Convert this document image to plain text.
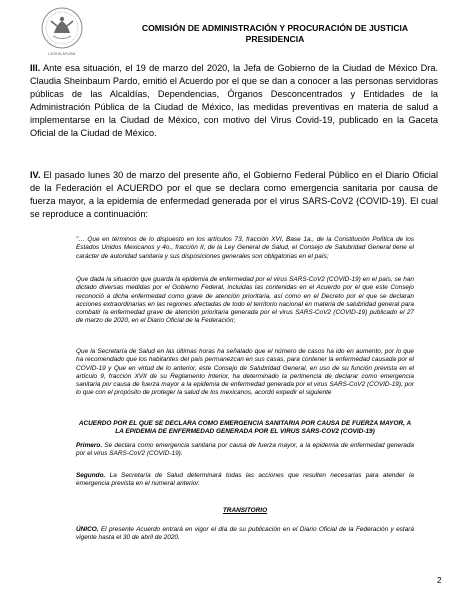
LEGISLATURA
COMISIÓN DE ADMINISTRACIÓN Y PROCURACIÓN DE JUSTICIA
PRESIDENCIA
III. Ante esa situación, el 19 de marzo del 2020, la Jefa de Gobierno de la Ciudad de México Dra. Claudia Sheinbaum Pardo, emitió el Acuerdo por el que se dan a conocer a las personas servidoras públicas de las Alcaldías, Dependencias, Órganos Desconcentrados y Entidades de la Administración Pública de la Ciudad de México, las medidas preventivas en materia de salud a implementarse en la Ciudad de México, con motivo del Virus Covid-19, publicado en la Gaceta Oficial de la Ciudad de México.
IV. El pasado lunes 30 de marzo del presente año, el Gobierno Federal Público en el Diario Oficial de la Federación el ACUERDO por el que se declara como emergencia sanitaria por causa de fuerza mayor, a la epidemia de enfermedad generada por el virus SARS-CoV2 (COVID-19). El cual se reproduce a continuación:
"… Que en términos de lo dispuesto en los artículos 73, fracción XVI, Base 1a., de la Constitución Política de los Estados Unidos Mexicanos y 4o., fracción II, de la Ley General de Salud, el Consejo de Salubridad General tiene el carácter de autoridad sanitaria y sus disposiciones generales son obligatorias en el país;
Que dada la situación que guarda la epidemia de enfermedad por el virus SARS-CoV2 (COVID-19) en el país, se han dictado diversas medidas por el Gobierno Federal, incluidas las contenidas en el Acuerdo por el que este Consejo reconoció a dicha enfermedad como grave de atención prioritaria, así como en el Decreto por el que se declaran acciones extraordinarias en las regiones afectadas de todo el territorio nacional en materia de salubridad general para combatir la enfermedad grave de atención prioritaria generada por el virus SARS-CoV2 (COVID-19) publicado el 27 de marzo de 2020, en el Diario Oficial de la Federación;
Que la Secretaría de Salud en las últimas horas ha señalado que el número de casos ha ido en aumento, por lo que ha recomendado que los habitantes del país permanezcan en sus casas, para contener la enfermedad causada por el COVID-19 y Que en virtud de lo anterior, este Consejo de Salubridad General, en uso de su función prevista en el artículo 9, fracción XVII de su Reglamento Interior, ha determinado la pertinencia de declarar como emergencia sanitaria por causa de fuerza mayor a la epidemia de enfermedad generada por el virus SARS-CoV2 (COVID-19), por lo que con el propósito de proteger la salud de los mexicanos, acordó expedir el siguiente
ACUERDO POR EL QUE SE DECLARA COMO EMERGENCIA SANITARIA POR CAUSA DE FUERZA MAYOR, A LA EPIDEMIA DE ENFERMEDAD GENERADA POR EL VIRUS SARS-COV2 (COVID-19)
Primero. Se declara como emergencia sanitaria por causa de fuerza mayor, a la epidemia de enfermedad generada por el virus SARS-CoV2 (COVID-19).
Segundo. La Secretaría de Salud determinará todas las acciones que resulten necesarias para atender la emergencia prevista en el numeral anterior.
TRANSITORIO
ÚNICO. El presente Acuerdo entrará en vigor el día de su publicación en el Diario Oficial de la Federación y estará vigente hasta el 30 de abril de 2020.
2
